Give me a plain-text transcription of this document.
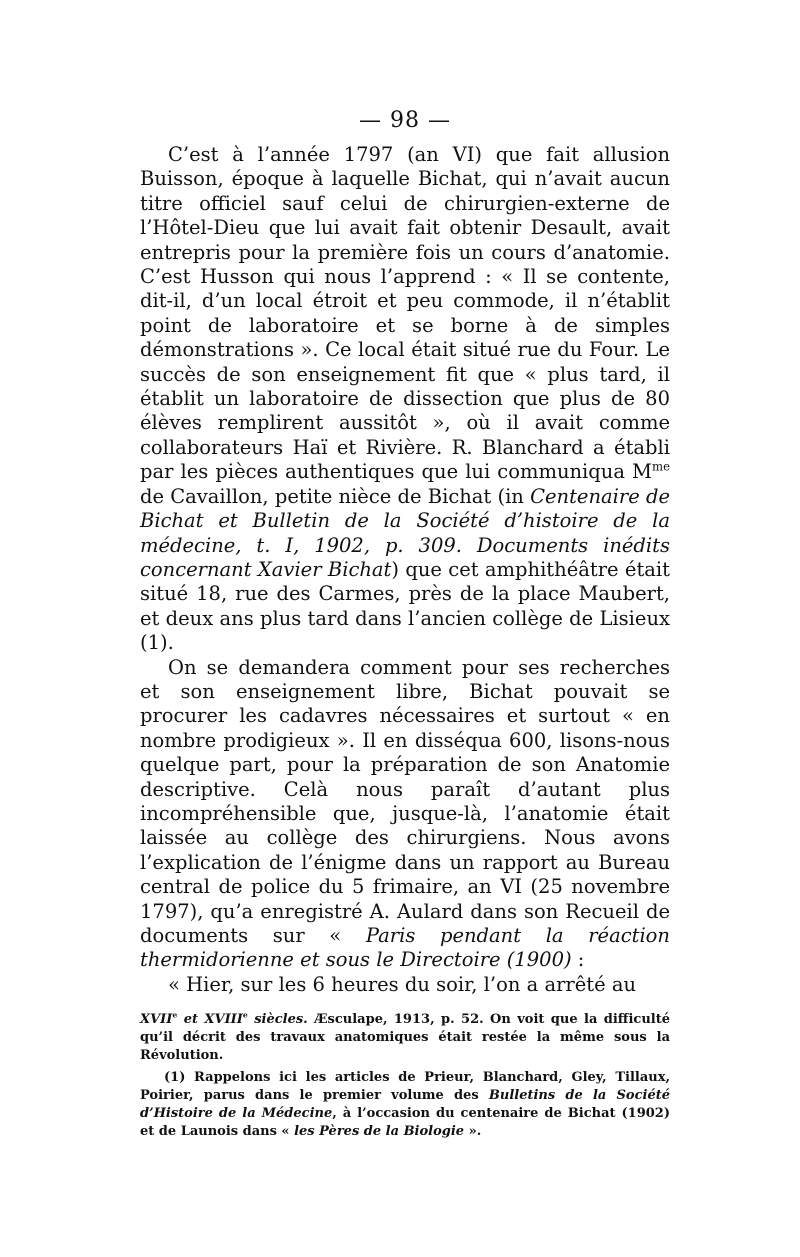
— 98 —

C’est à l’année 1797 (an VI) que fait allusion Buisson, époque à laquelle Bichat, qui n’avait aucun titre officiel sauf celui de chirurgien-externe de l’Hôtel-Dieu que lui avait fait obtenir Desault, avait entrepris pour la première fois un cours d’anatomie. C’est Husson qui nous l’apprend : « Il se contente, dit-il, d’un local étroit et peu commode, il n’établit point de laboratoire et se borne à de simples démonstrations ». Ce local était situé rue du Four. Le succès de son enseignement fit que « plus tard, il établit un laboratoire de dissection que plus de 80 élèves remplirent aussitôt », où il avait comme collaborateurs Haï et Rivière. R. Blanchard a établi par les pièces authentiques que lui communiqua $M^{me}$ de Cavaillon, petite nièce de Bichat (in Centenaire de Bichat et Bulletin de la Société d’histoire de la médecine, t. I, 1902, p. 309. Documents inédits concernant Xavier Bichat) que cet amphithéâtre était situé 18, rue des Carmes, près de la place Maubert, et deux ans plus tard dans l’ancien collège de Lisieux (1).

On se demandera comment pour ses recherches et son enseignement libre, Bichat pouvait se procurer les cadavres nécessaires et surtout « en nombre prodigieux ». Il en disséqua 600, lisons-nous quelque part, pour la préparation de son Anatomie descriptive. Celà nous paraît d’autant plus incompréhensible que, jusque-là, l’anatomie était laissée au collège des chirurgiens. Nous avons l’explication de l’énigme dans un rapport au Bureau central de police du 5 frimaire, an VI (25 novembre 1797), qu’a enregistré A. Aulard dans son Recueil de documents sur « Paris pendant la réaction thermidorienne et sous le Directoire (1900) :

« Hier, sur les 6 heures du soir, l’on a arrêté au

XVIIe et XVIIIe siècles. Æsculape, 1913, p. 52. On voit que la difficulté qu’il décrit des travaux anatomiques était restée la même sous la Révolution.

(1) Rappelons ici les articles de Prieur, Blanchard, Gley, Tillaux, Poirier, parus dans le premier volume des Bulletins de la Société d’Histoire de la Médecine, à l’occasion du centenaire de Bichat (1902) et de Launois dans « les Pères de la Biologie ».
